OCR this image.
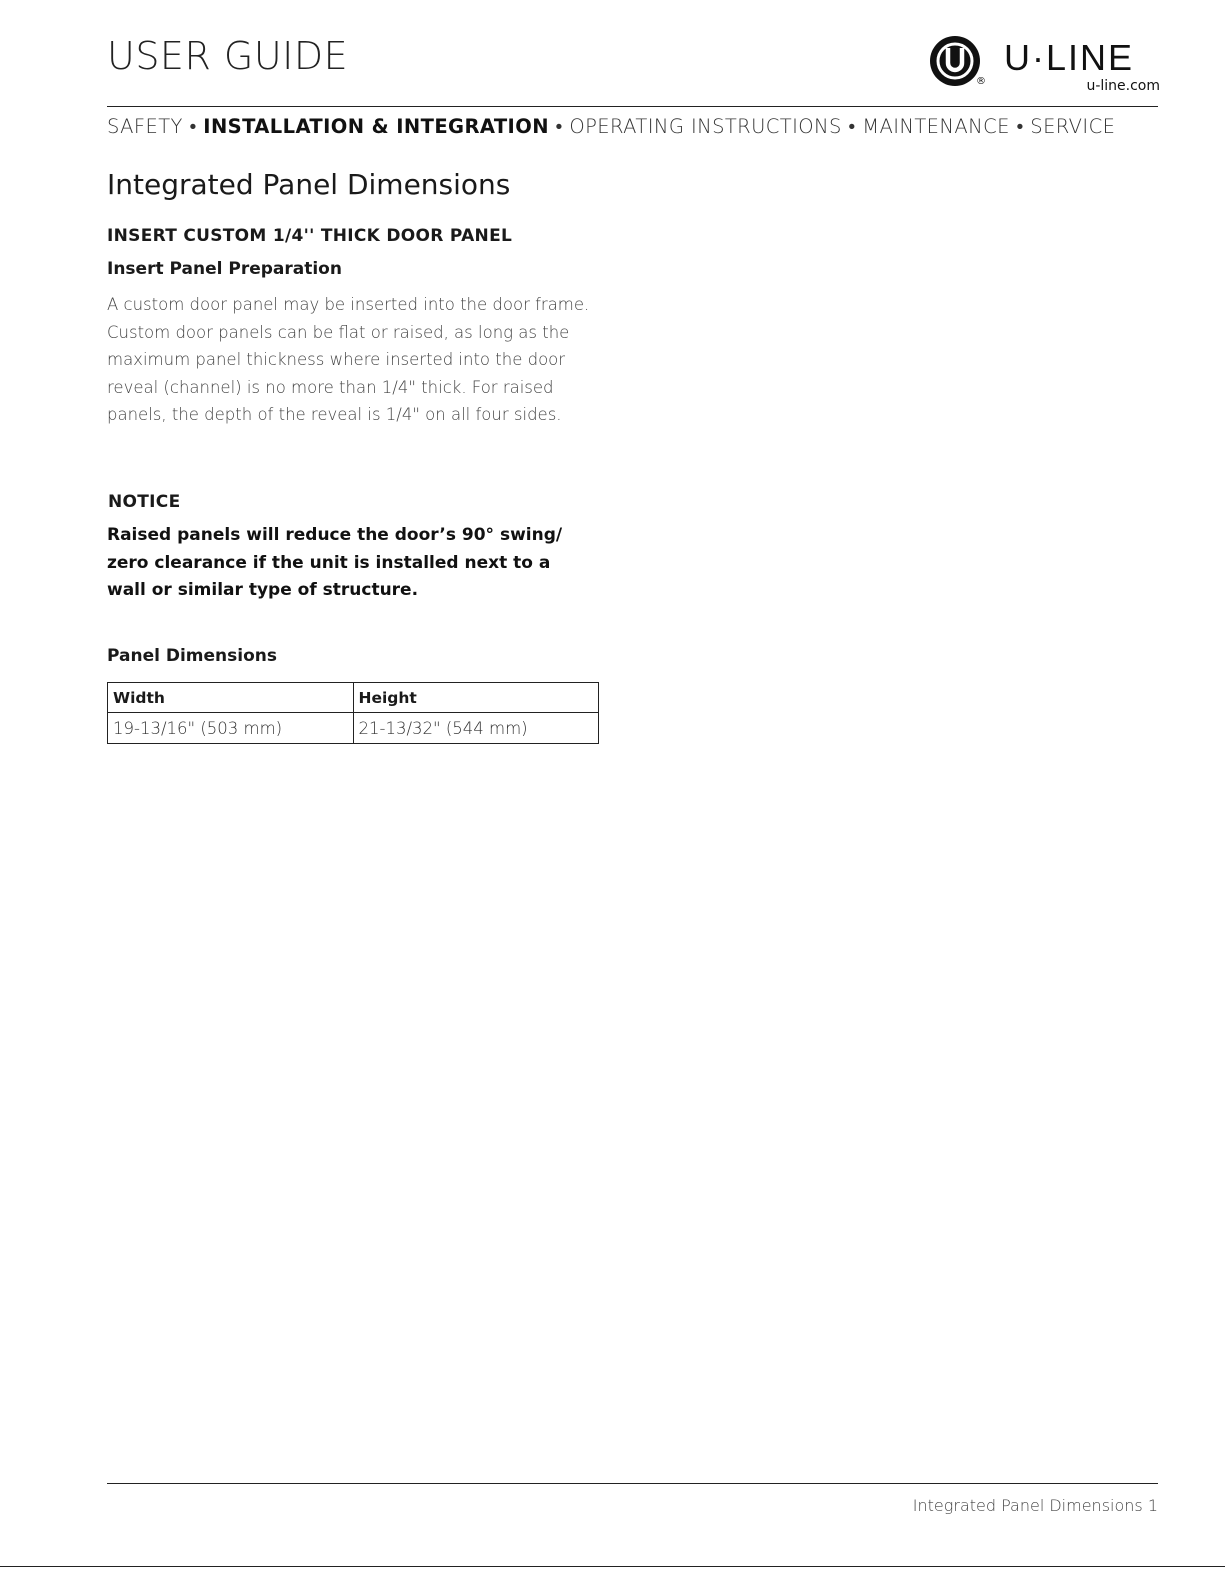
USER GUIDE
®
U·LINE
u-line.com
SAFETY • INSTALLATION & INTEGRATION • OPERATING INSTRUCTIONS • MAINTENANCE • SERVICE
Integrated Panel Dimensions
INSERT CUSTOM 1/4'' THICK DOOR PANEL
Insert Panel Preparation
A custom door panel may be inserted into the door frame.
Custom door panels can be flat or raised, as long as the
maximum panel thickness where inserted into the door
reveal (channel) is no more than 1/4" thick. For raised
panels, the depth of the reveal is 1/4" on all four sides.
NOTICE
Raised panels will reduce the door’s 90° swing/
zero clearance if the unit is installed next to a
wall or similar type of structure.
Panel Dimensions
Width	Height
19-13/16" (503 mm)	21-13/32" (544 mm)
Integrated Panel Dimensions 1
